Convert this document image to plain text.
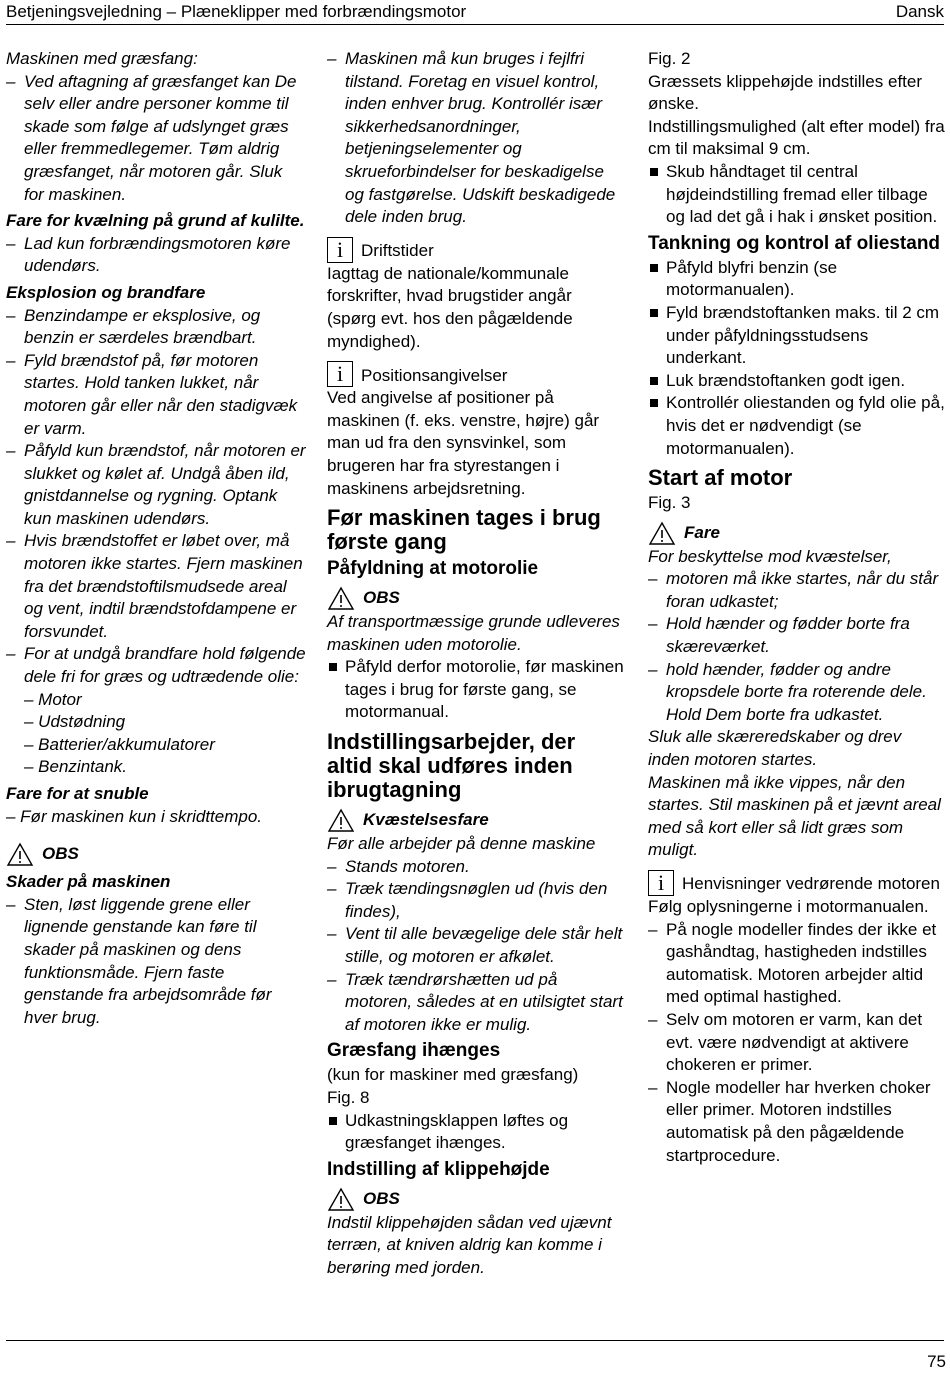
Betjeningsvejledning – Plæneklipper med forbrændingsmotor	Dansk

Maskinen med græsfang:

– Ved aftagning af græsfanget kan De selv eller andre personer komme til skade som følge af udslynget græs eller fremmedlegemer. Tøm aldrig græsfanget, når motoren går. Sluk for maskinen.

Fare for kvælning på grund af kulilte.

– Lad kun forbrændingsmotoren køre udendørs.

Eksplosion og brandfare

– Benzindampe er eksplosive, og benzin er særdeles brændbart.

– Fyld brændstof på, før motoren startes. Hold tanken lukket, når motoren går eller når den stadigvæk er varm.

– Påfyld kun brændstof, når motoren er slukket og kølet af. Undgå åben ild, gnistdannelse og rygning. Optank kun maskinen udendørs.

– Hvis brændstoffet er løbet over, må motoren ikke startes. Fjern maskinen fra det brændstoftilsmudsede areal og vent, indtil brændstofdampene er forsvundet.

– For at undgå brandfare hold følgende dele fri for græs og udtrædende olie:

– Motor

– Udstødning

– Batterier/akkumulatorer

– Benzintank.

Fare for at snuble

– Før maskinen kun i skridttempo.

OBS

Skader på maskinen

– Sten, løst liggende grene eller lignende genstande kan føre til skader på maskinen og dens funktionsmåde. Fjern faste genstande fra arbejdsområde før hver brug.

– Maskinen må kun bruges i fejlfri tilstand. Foretag en visuel kontrol, inden enhver brug. Kontrollér især sikkerhedsanordninger, betjeningselementer og skrueforbindelser for beskadigelse og fastgørelse. Udskift beskadigede dele inden brug.

i	Driftstider

Iagttag de nationale/kommunale forskrifter, hvad brugstider angår (spørg evt. hos den pågældende myndighed).

i	Positionsangivelser

Ved angivelse af positioner på maskinen (f. eks. venstre, højre) går man ud fra den synsvinkel, som brugeren har fra styrestangen i maskinens arbejdsretning.

Før maskinen tages i brug første gang

Påfyldning at motorolie

OBS

Af transportmæssige grunde udleveres maskinen uden motorolie.

Påfyld derfor motorolie, før maskinen tages i brug for første gang, se motormanual.

Indstillingsarbejder, der altid skal udføres inden ibrugtagning

Kvæstelsesfare

Før alle arbejder på denne maskine

– Stands motoren.

– Træk tændingsnøglen ud (hvis den findes),

– Vent til alle bevægelige dele står helt stille, og motoren er afkølet.

– Træk tændrørshætten ud på motoren, således at en utilsigtet start af motoren ikke er mulig.

Græsfang ihænges

(kun for maskiner med græsfang)

Fig. 8

Udkastningsklappen løftes og græsfanget ihænges.

Indstilling af klippehøjde

OBS

Indstil klippehøjden sådan ved ujævnt terræn, at kniven aldrig kan komme i berøring med jorden.

Fig. 2

Græssets klippehøjde indstilles efter ønske.

Indstillingsmulighed (alt efter model) fra cm til maksimal 9 cm.

Skub håndtaget til central højdeindstilling fremad eller tilbage og lad det gå i hak i ønsket position.

Tankning og kontrol af oliestand

Påfyld blyfri benzin (se motormanualen).

Fyld brændstoftanken maks. til 2 cm under påfyldningsstudsens underkant.

Luk brændstoftanken godt igen.

Kontrollér oliestanden og fyld olie på, hvis det er nødvendigt (se motormanualen).

Start af motor

Fig. 3

Fare

For beskyttelse mod kvæstelser,

– motoren må ikke startes, når du står foran udkastet;

– Hold hænder og fødder borte fra skæreværket.

– hold hænder, fødder og andre kropsdele borte fra roterende dele. Hold Dem borte fra udkastet.

Sluk alle skæreredskaber og drev inden motoren startes.

Maskinen må ikke vippes, når den startes. Stil maskinen på et jævnt areal med så kort eller så lidt græs som muligt.

i	Henvisninger vedrørende motoren

Følg oplysningerne i motormanualen.

– På nogle modeller findes der ikke et gashåndtag, hastigheden indstilles automatisk. Motoren arbejder altid med optimal hastighed.

– Selv om motoren er varm, kan det evt. være nødvendigt at aktivere chokeren er primer.

– Nogle modeller har hverken choker eller primer. Motoren indstilles automatisk på den pågældende startprocedure.

75
